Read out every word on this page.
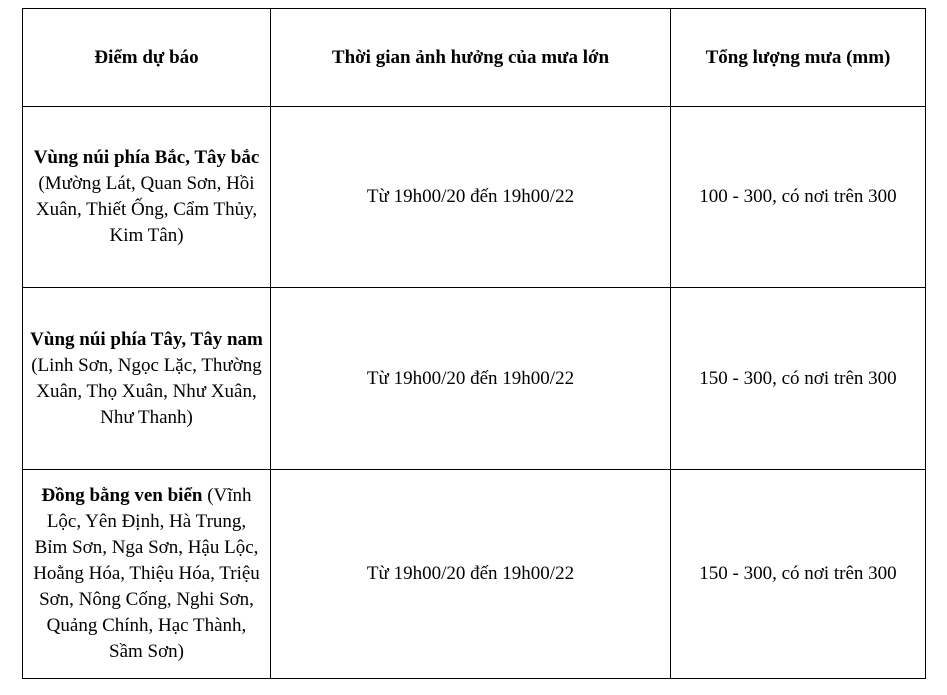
Điểm dự báo	Thời gian ảnh hưởng của mưa lớn	Tổng lượng mưa (mm)
Vùng núi phía Bắc, Tây bắc (Mường Lát, Quan Sơn, Hồi Xuân, Thiết Ống, Cẩm Thủy, Kim Tân)	Từ 19h00/20 đến 19h00/22	100 - 300, có nơi trên 300
Vùng núi phía Tây, Tây nam (Linh Sơn, Ngọc Lặc, Thường Xuân, Thọ Xuân, Như Xuân, Như Thanh)	Từ 19h00/20 đến 19h00/22	150 - 300, có nơi trên 300
Đồng bằng ven biển (Vĩnh Lộc, Yên Định, Hà Trung, Bỉm Sơn, Nga Sơn, Hậu Lộc, Hoằng Hóa, Thiệu Hóa, Triệu Sơn, Nông Cống, Nghi Sơn, Quảng Chính, Hạc Thành, Sầm Sơn)	Từ 19h00/20 đến 19h00/22	150 - 300, có nơi trên 300
